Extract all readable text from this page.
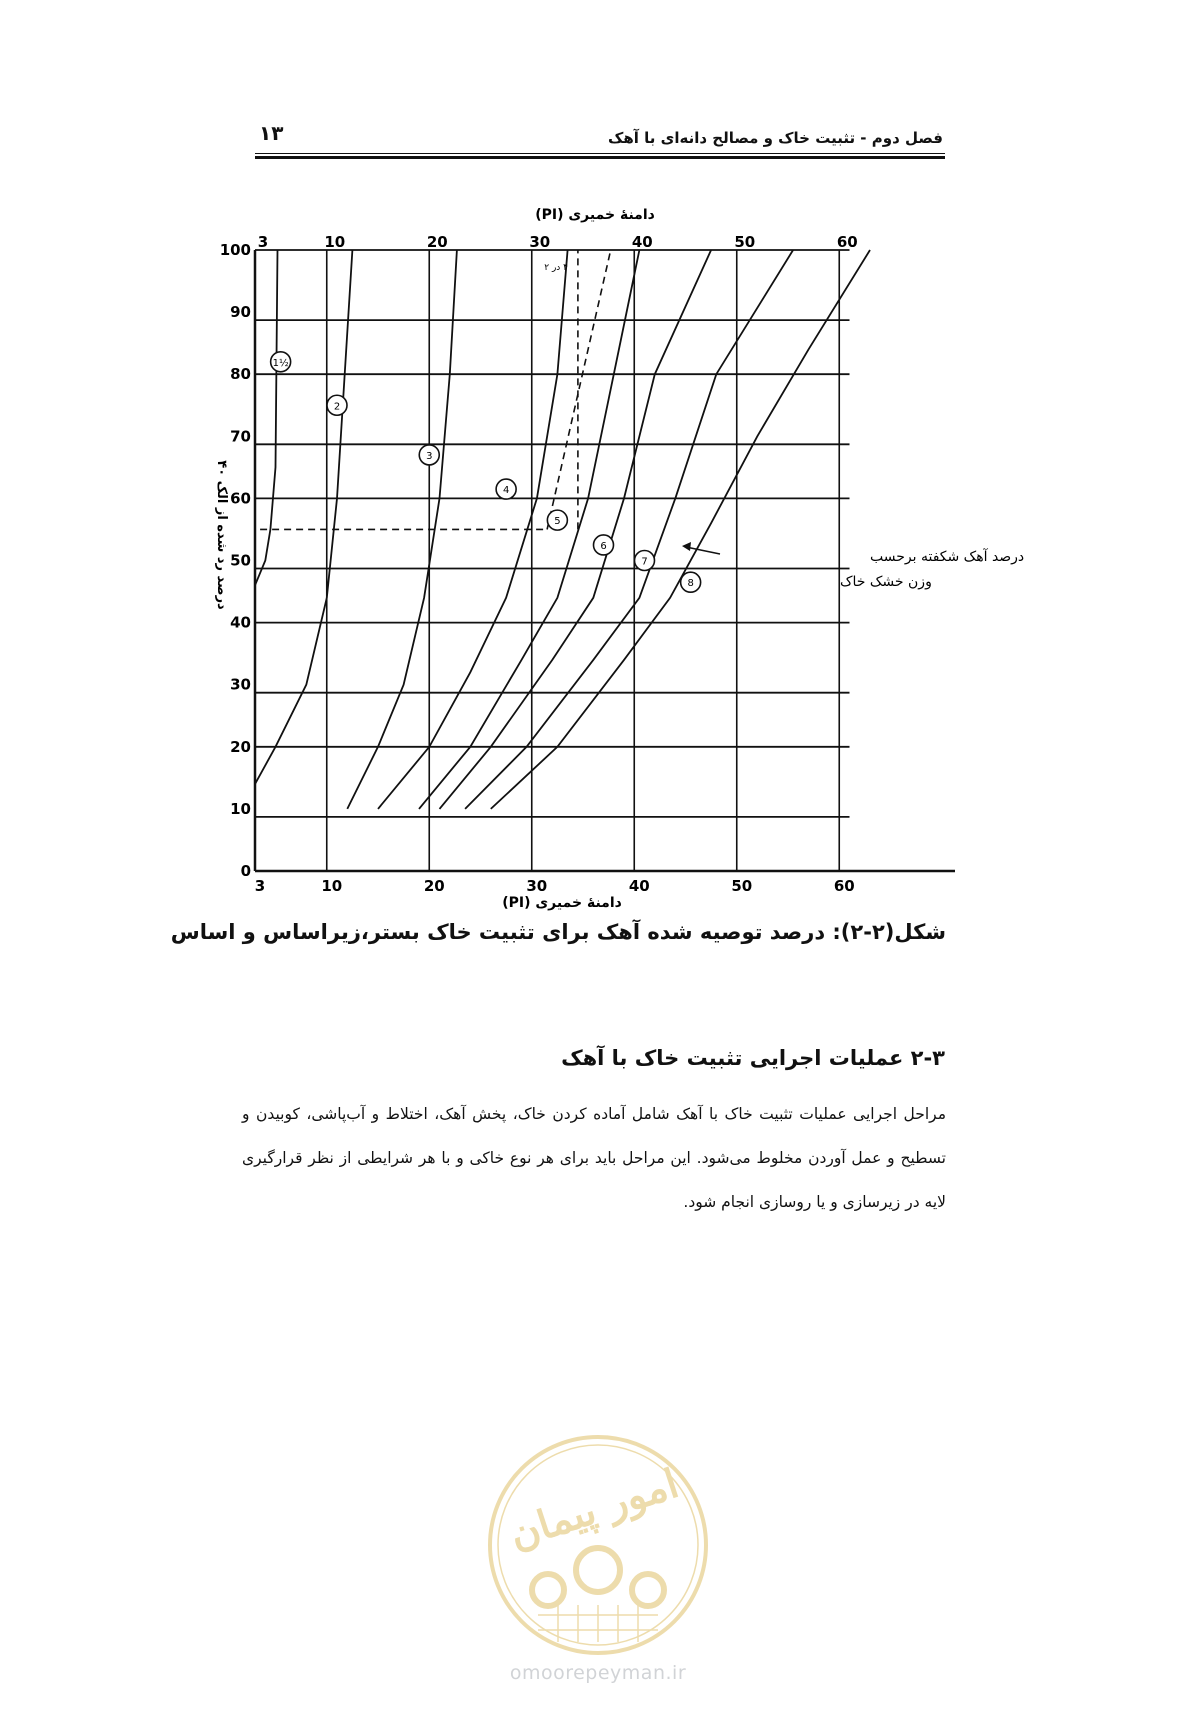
۱۳	فصل دوم - تثبیت خاک و مصالح دانه‌ای با آهک
1½
2
3
4
5
6
7
8
3	10	20	30	40	50	60
3	10	20	30	40	50	60
0
10
20
30
40
50
60
70
80
90
100
دامنهٔ خمیری (PI)
دامنهٔ خمیری (PI)
درصد رد شده از الک ۴۰
۴ در ۲
درصد آهک شکفته برحسب
وزن خشک خاک
شکل(۲-۲): درصد توصیه شده آهک برای تثبیت خاک بستر،زیراساس و اساس
۲-۳ عملیات اجرایی تثبیت خاک با آهک

مراحل اجرایی عملیات تثبیت خاک با آهک شامل آماده کردن خاک، پخش آهک، اختلاط و آب‌پاشی، کوبیدن و تسطیح و عمل آوردن مخلوط می‌شود. این مراحل باید برای هر نوع خاکی و با هر شرایطی از نظر قرارگیری لایه در زیرسازی و یا روسازی انجام شود.

امور پیمان
omoorepeyman.ir
